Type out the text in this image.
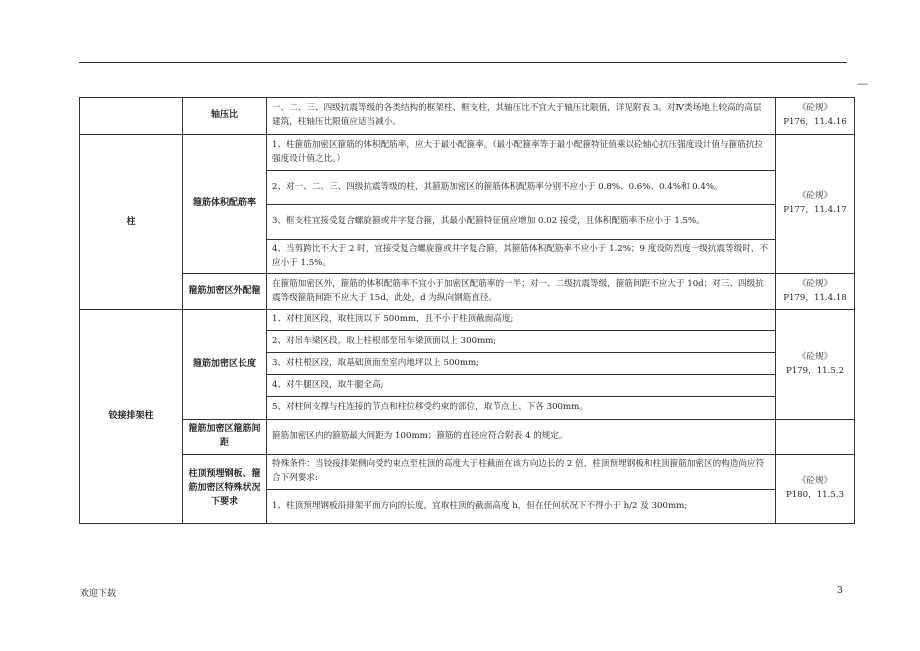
—
	轴压比	一、二、三、四级抗震等级的各类结构的框架柱、框支柱，其轴压比不宜大于轴压比限值，详见附表 3。对Ⅳ类场地上较高的高层建筑，柱轴压比限值应适当减小。	《砼规》
P176，11.4.16

柱	箍筋体积配筋率	1、柱箍筋加密区箍筋的体积配筋率，应大于最小配箍率。（最小配箍率等于最小配箍特征值乘以砼轴心抗压强度设计值与箍筋抗拉强度设计值之比。）	《砼规》
P177，11.4.17

		2、对一、二、三、四级抗震等级的柱，其箍筋加密区的箍筋体积配筋率分别不应小于 0.8%、0.6%、0.4%和 0.4%。	
		3、框支柱宜接受复合螺旋箍或井字复合箍，其最小配箍特征值应增加 0.02 接受，且体积配筋率不应小于 1.5%。	
		4、当剪跨比不大于 2 时，宜接受复合螺旋箍或井字复合箍，其箍筋体积配筋率不应小于 1.2%；9 度设防烈度一级抗震等级时，不应小于 1.5%。	
	箍筋加密区外配箍	在箍筋加密区外，箍筋的体积配筋率不宜小于加密区配筋率的一半；对一、二级抗震等级，箍筋间距不应大于 10d；对三、四级抗震等级箍筋间距不应大于 15d，此处，d 为纵向钢筋直径。	《砼规》
P179，11.4.18

铰接排架柱	箍筋加密区长度	1、对柱顶区段，取柱顶以下 500mm，且不小于柱顶截面高度;	《砼规》
P179，11.5.2

		2、对吊车梁区段，取上柱根部至吊车梁顶面以上 300mm;	
		3、对柱根区段，取基础顶面至室内地坪以上 500mm;	
		4、对牛腿区段，取牛腿全高;	
		5、对柱间支撑与柱连接的节点和柱位移受约束的部位，取节点上、下各 300mm。	
	箍筋加密区箍筋间距	箍筋加密区内的箍筋最大间距为 100mm；箍筋的直径应符合附表 4 的规定。	
	柱顶预埋钢板、箍筋加密区特殊状况下要求	特殊条件：当铰接排架侧向受约束点至柱顶的高度大于柱截面在该方向边长的 2 倍，柱顶预埋钢板和柱顶箍筋加密区的构造尚应符合下列要求:	《砼规》
P180，11.5.3

		1、柱顶预埋钢板沿排架平面方向的长度，宜取柱顶的截面高度 h，但在任何状况下不得小于 h/2 及 300mm;	
欢迎下载	3
